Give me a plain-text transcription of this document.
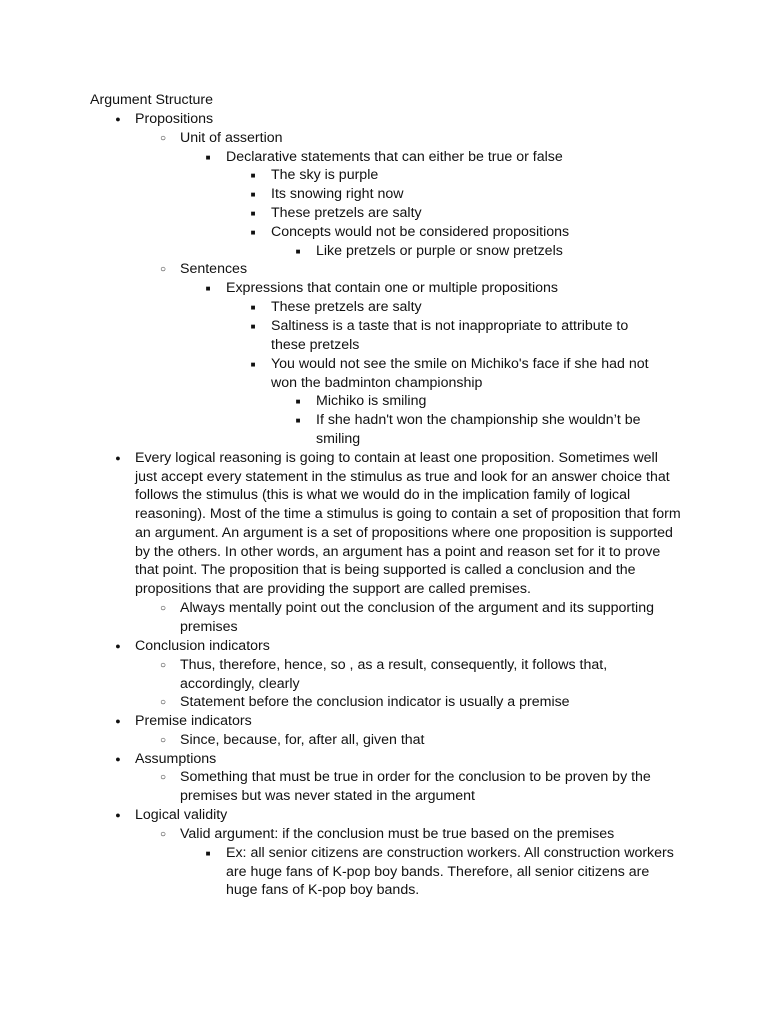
Argument Structure
●
Propositions
○
Unit of assertion
■
Declarative statements that can either be true or false
■
The sky is purple
■
Its snowing right now
■
These pretzels are salty
■
Concepts would not be considered propositions
■
Like pretzels or purple or snow pretzels
○
Sentences
■
Expressions that contain one or multiple propositions
■
These pretzels are salty
■
Saltiness is a taste that is not inappropriate to attribute to these pretzels
■
You would not see the smile on Michiko's face if she had not won the badminton championship
■
Michiko is smiling
■
If she hadn't won the championship she wouldn’t be smiling
●
Every logical reasoning is going to contain at least one proposition. Sometimes well just accept every statement in the stimulus as true and look for an answer choice that follows the stimulus (this is what we would do in the implication family of logical reasoning). Most of the time a stimulus is going to contain a set of proposition that form an argument. An argument is a set of propositions where one proposition is supported by the others. In other words, an argument has a point and reason set for it to prove that point. The proposition that is being supported is called a conclusion and the propositions that are providing the support are called premises.
○
Always mentally point out the conclusion of the argument and its supporting premises
●
Conclusion indicators
○
Thus, therefore, hence, so , as a result, consequently, it follows that, accordingly, clearly
○
Statement before the conclusion indicator is usually a premise
●
Premise indicators
○
Since, because, for, after all, given that
●
Assumptions
○
Something that must be true in order for the conclusion to be proven by the premises but was never stated in the argument
●
Logical validity
○
Valid argument: if the conclusion must be true based on the premises
■
Ex: all senior citizens are construction workers. All construction workers are huge fans of K-pop boy bands. Therefore, all senior citizens are huge fans of K-pop boy bands.
